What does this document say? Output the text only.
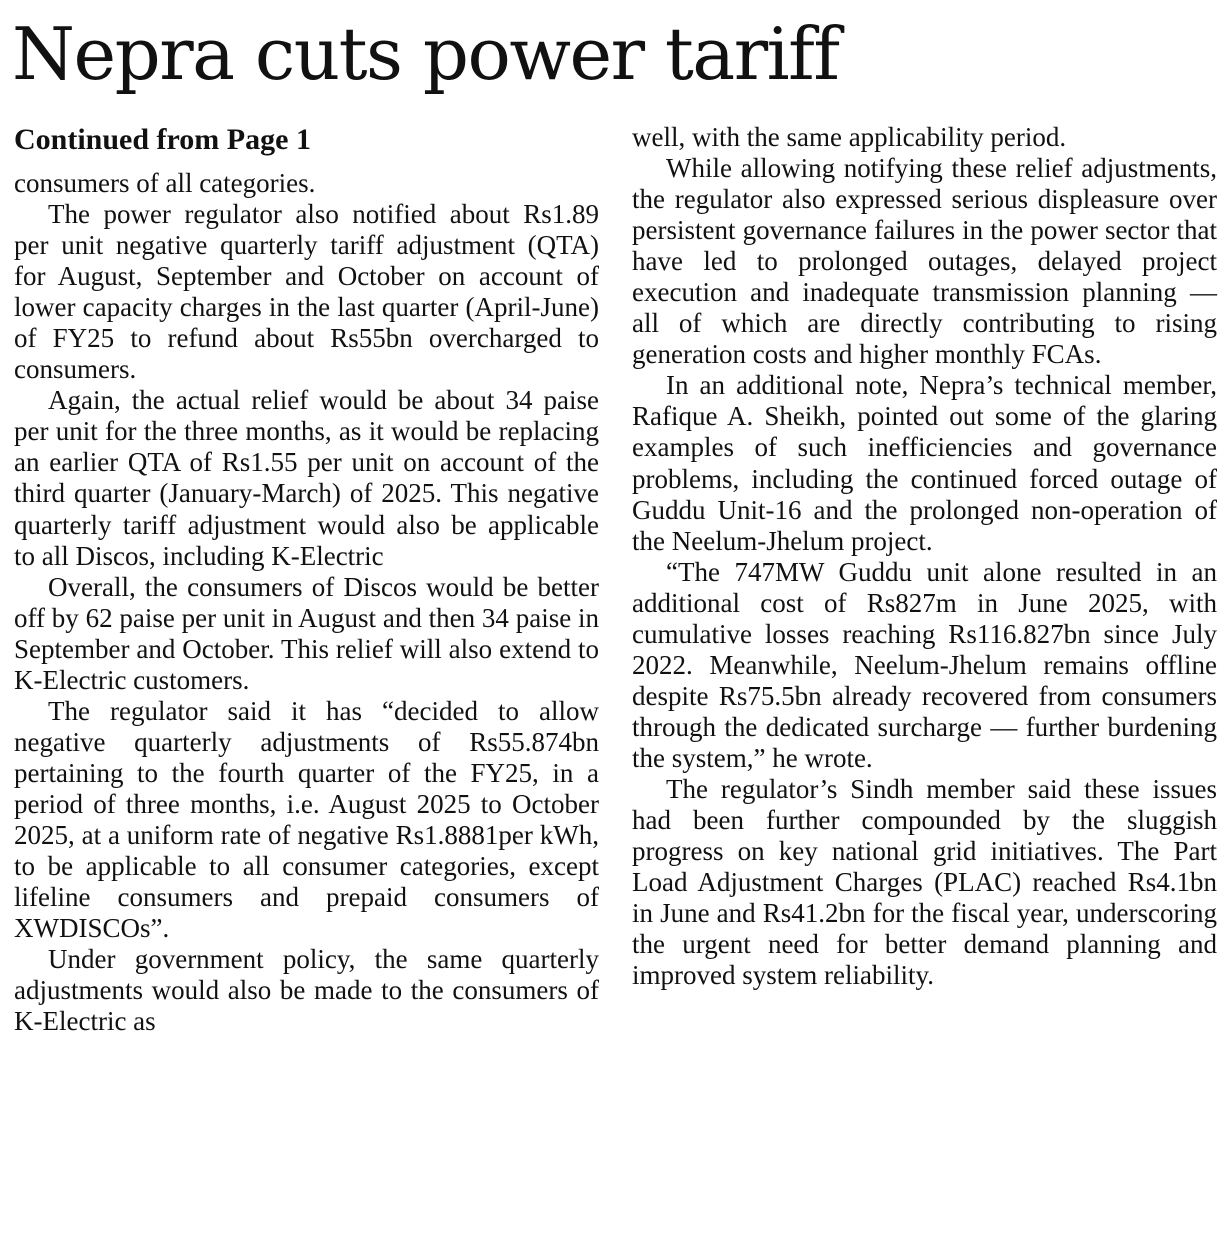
Nepra cuts power tariff
Continued from Page 1

consumers of all categories.

The power regulator also notified about Rs1.89 per unit negative quarterly tariff adjustment (QTA) for August, September and October on account of lower capacity charges in the last quarter (April-June) of FY25 to refund about Rs55bn overcharged to consumers.

Again, the actual relief would be about 34 paise per unit for the three months, as it would be replacing an earlier QTA of Rs1.55 per unit on account of the third quarter (January-March) of 2025. This negative quarterly tariff adjustment would also be applicable to all Discos, including K-Electric

Overall, the consumers of Discos would be better off by 62 paise per unit in August and then 34 paise in September and October. This relief will also extend to K-Electric customers.

The regulator said it has “decided to allow negative quarterly adjustments of Rs55.874bn pertaining to the fourth quarter of the FY25, in a period of three months, i.e. August 2025 to October 2025, at a uniform rate of negative Rs1.8881per kWh, to be applicable to all consumer categories, except lifeline consumers and prepaid consumers of XWDISCOs”.

Under government policy, the same quarterly adjustments would also be made to the consumers of K-Electric as

well, with the same applicability period.

While allowing notifying these relief adjustments, the regulator also expressed serious displeasure over persistent governance failures in the power sector that have led to prolonged outages, delayed project execution and inadequate transmission planning — all of which are directly contributing to rising generation costs and higher monthly FCAs.

In an additional note, Nepra’s technical member, Rafique A. Sheikh, pointed out some of the glaring examples of such inefficiencies and governance problems, including the continued forced outage of Guddu Unit-16 and the prolonged non-operation of the Neelum-Jhelum project.

“The 747MW Guddu unit alone resulted in an additional cost of Rs827m in June 2025, with cumulative losses reaching Rs116.827bn since July 2022. Meanwhile, Neelum-Jhelum remains offline despite Rs75.5bn already recovered from consumers through the dedicated surcharge — further burdening the system,” he wrote.

The regulator’s Sindh member said these issues had been further compounded by the sluggish progress on key national grid initiatives. The Part Load Adjustment Charges (PLAC) reached Rs4.1bn in June and Rs41.2bn for the fiscal year, underscoring the urgent need for better demand planning and improved system reliability.
